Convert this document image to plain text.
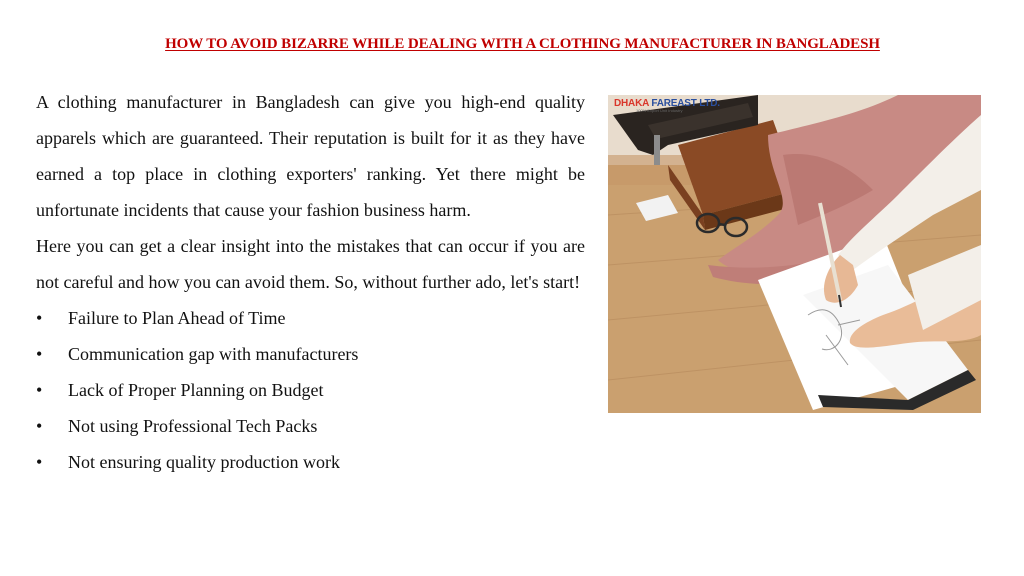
HOW TO AVOID BIZARRE WHILE DEALING WITH A CLOTHING MANUFACTURER IN BANGLADESH

A clothing manufacturer in Bangladesh can give you high-end quality apparels which are guaranteed. Their reputation is built for it as they have earned a top place in clothing exporters' ranking. Yet there might be unfortunate incidents that cause your fashion business harm.

Here you can get a clear insight into the mistakes that can occur if you are not careful and how you can avoid them. So, without further ado, let's start!

•	Failure to Plan Ahead of Time
•	Communication gap with manufacturers
•	Lack of Proper Planning on Budget
•	Not using Professional Tech Packs
•	Not ensuring quality production work
DHAKA FAREAST LTD.
100% Export Unit Industry
